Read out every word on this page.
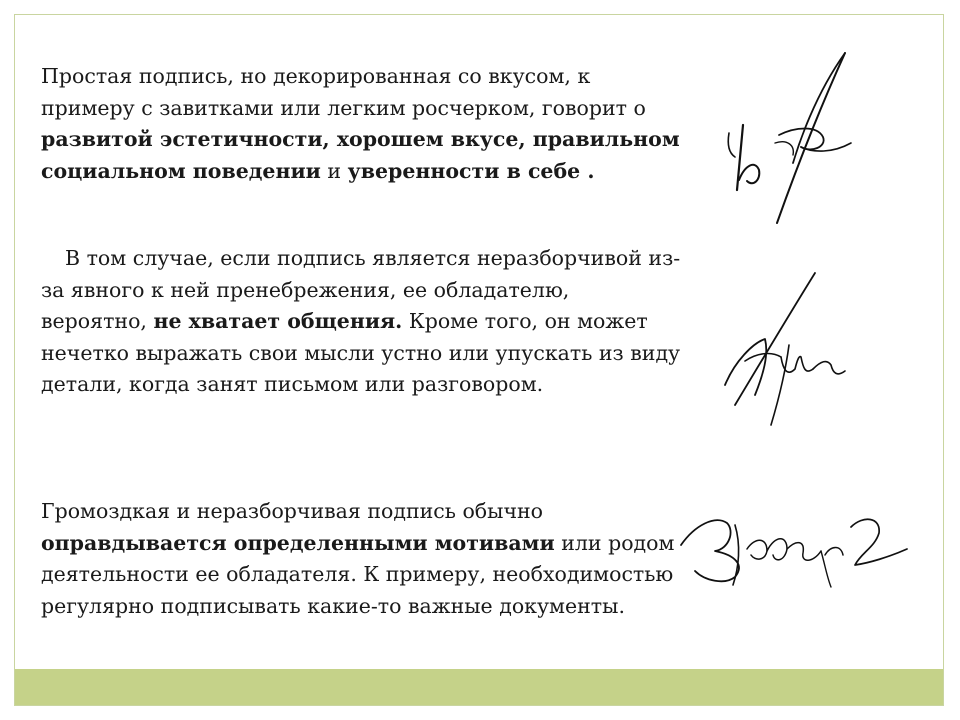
Простая подпись, но декорированная со вкусом, к примеру с завитками или легким росчерком, говорит о развитой эстетичности, хорошем вкусе, правильном социальном поведении и уверенности в себе .

В том случае, если подпись является неразборчивой из-за явного к ней пренебрежения, ее обладателю, вероятно, не хватает общения. Кроме того, он может нечетко выражать свои мысли устно или упускать из виду детали, когда занят письмом или разговором.

Громоздкая и неразборчивая подпись обычно оправдывается определенными мотивами или родом деятельности ее обладателя. К примеру, необходимостью регулярно подписывать какие-то важные документы.
